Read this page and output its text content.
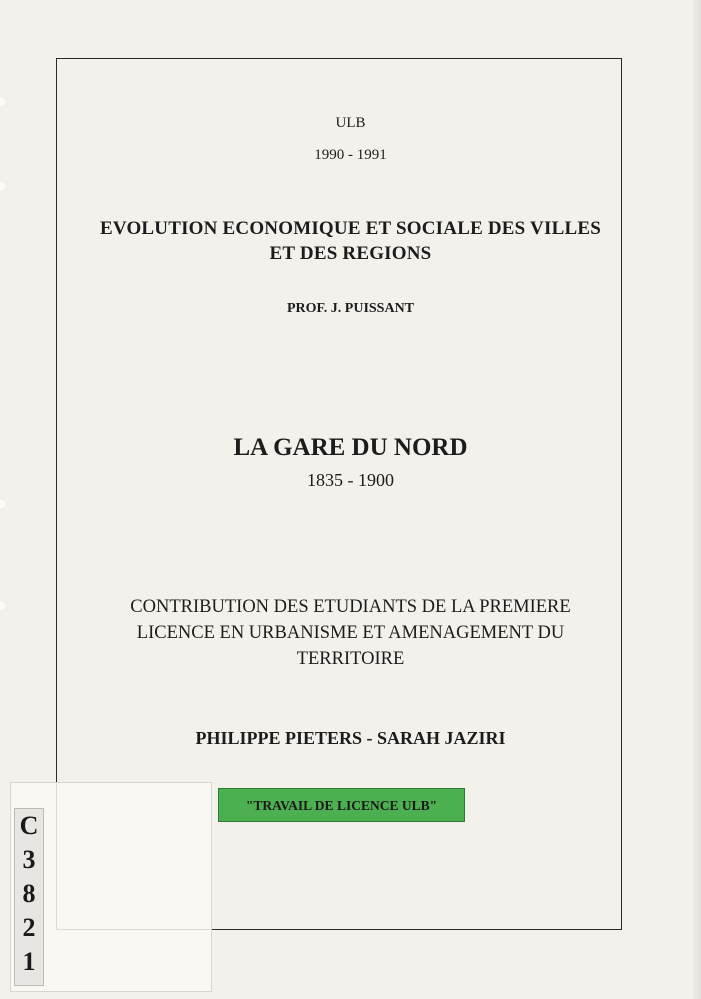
ULB
1990 - 1991
EVOLUTION ECONOMIQUE ET SOCIALE DES VILLES
ET DES REGIONS
PROF. J. PUISSANT
LA GARE DU NORD
1835 - 1900
CONTRIBUTION DES ETUDIANTS DE LA PREMIERE
LICENCE EN URBANISME ET AMENAGEMENT DU
TERRITOIRE
PHILIPPE PIETERS - SARAH JAZIRI
"TRAVAIL DE LICENCE ULB"
C
3
8
2
1
